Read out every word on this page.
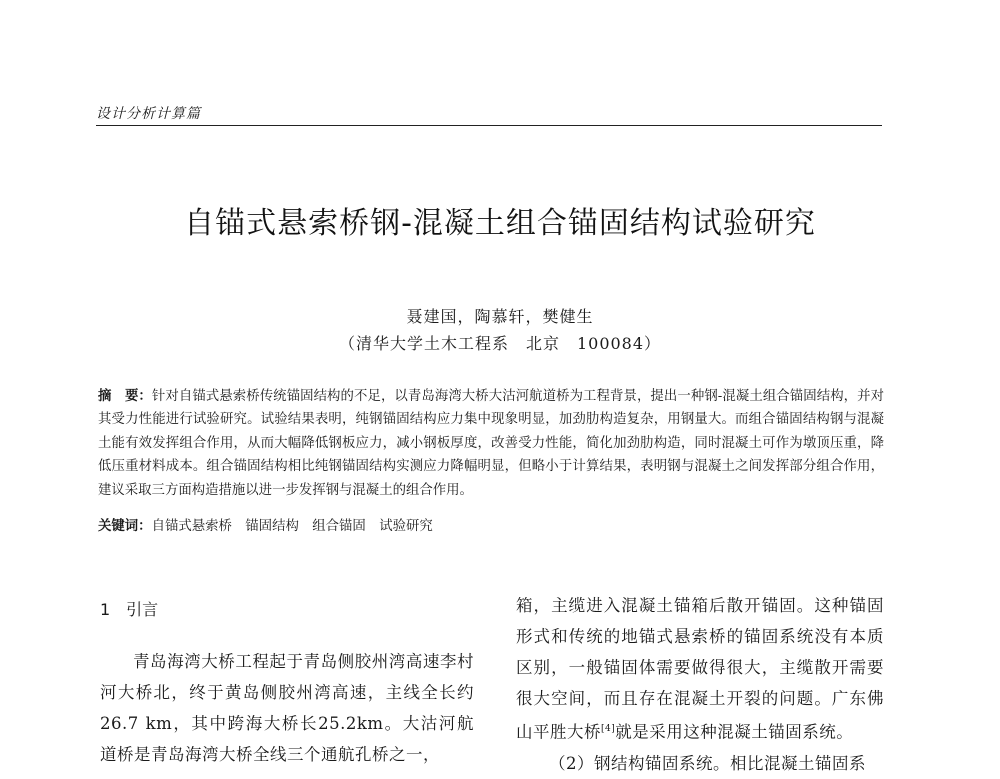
设计分析计算篇
自锚式悬索桥钢-混凝土组合锚固结构试验研究
聂建国，陶慕轩，樊健生
（清华大学土木工程系　北京　100084）
摘　要：针对自锚式悬索桥传统锚固结构的不足，以青岛海湾大桥大沽河航道桥为工程背景，提出一种钢-混凝土组合锚固结构，并对其受力性能进行试验研究。试验结果表明，纯钢锚固结构应力集中现象明显，加劲肋构造复杂，用钢量大。而组合锚固结构钢与混凝土能有效发挥组合作用，从而大幅降低钢板应力，减小钢板厚度，改善受力性能，简化加劲肋构造，同时混凝土可作为墩顶压重，降低压重材料成本。组合锚固结构相比纯钢锚固结构实测应力降幅明显，但略小于计算结果，表明钢与混凝土之间发挥部分组合作用，建议采取三方面构造措施以进一步发挥钢与混凝土的组合作用。
关键词：自锚式悬索桥　锚固结构　组合锚固　试验研究
1　引言

青岛海湾大桥工程起于青岛侧胶州湾高速李村河大桥北，终于黄岛侧胶州湾高速，主线全长约26.7 km，其中跨海大桥长25.2km。大沽河航道桥是青岛海湾大桥全线三个通航孔桥之一，

箱，主缆进入混凝土锚箱后散开锚固。这种锚固形式和传统的地锚式悬索桥的锚固系统没有本质区别，一般锚固体需要做得很大，主缆散开需要很大空间，而且存在混凝土开裂的问题。广东佛山平胜大桥[4]就是采用这种混凝土锚固系统。

（2）钢结构锚固系统。相比混凝土锚固系
